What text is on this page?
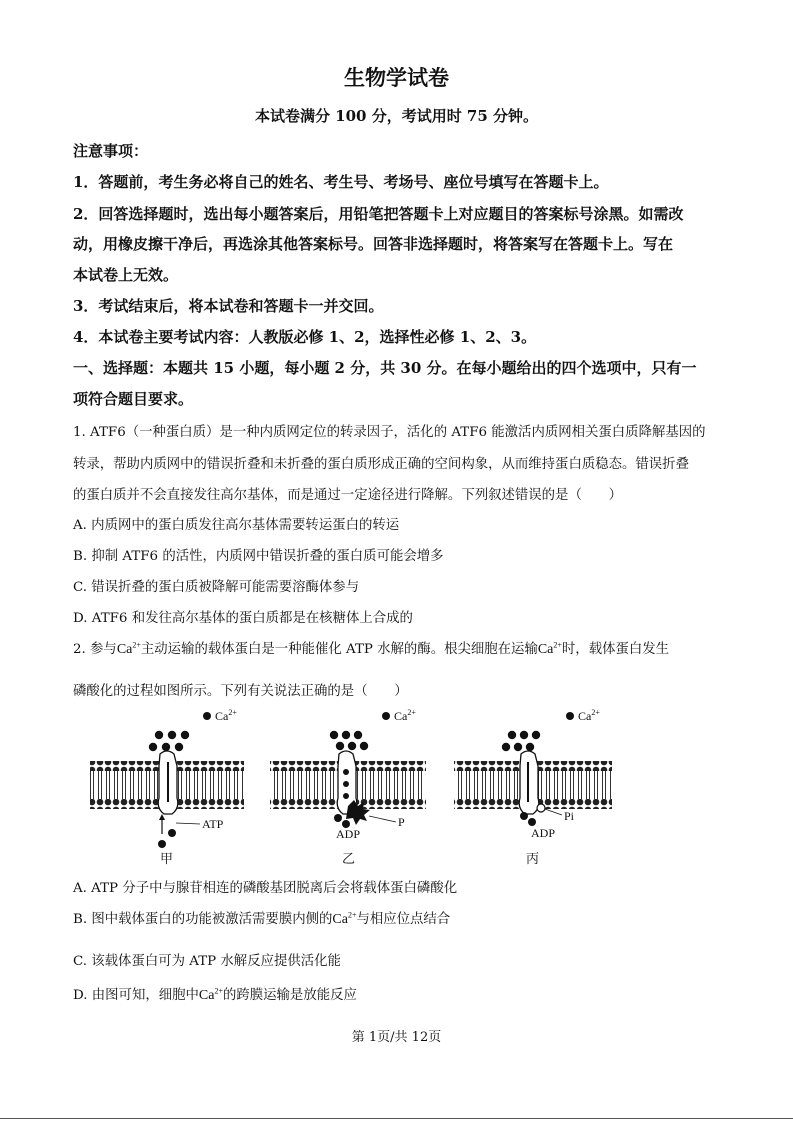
生物学试卷
本试卷满分 100 分，考试用时 75 分钟。
注意事项：
1．答题前，考生务必将自己的姓名、考生号、考场号、座位号填写在答题卡上。
2．回答选择题时，选出每小题答案后，用铅笔把答题卡上对应题目的答案标号涂黑。如需改
动，用橡皮擦干净后，再选涂其他答案标号。回答非选择题时，将答案写在答题卡上。写在
本试卷上无效。
3．考试结束后，将本试卷和答题卡一并交回。
4．本试卷主要考试内容：人教版必修 1、2，选择性必修 1、2、3。
一、选择题：本题共 15 小题，每小题 2 分，共 30 分。在每小题给出的四个选项中，只有一
项符合题目要求。
1. ATF6（一种蛋白质）是一种内质网定位的转录因子，活化的 ATF6 能激活内质网相关蛋白质降解基因的
转录，帮助内质网中的错误折叠和未折叠的蛋白质形成正确的空间构象，从而维持蛋白质稳态。错误折叠
的蛋白质并不会直接发往高尔基体，而是通过一定途径进行降解。下列叙述错误的是（　　）
A. 内质网中的蛋白质发往高尔基体需要转运蛋白的转运
B. 抑制 ATF6 的活性，内质网中错误折叠的蛋白质可能会增多
C. 错误折叠的蛋白质被降解可能需要溶酶体参与
D. ATF6 和发往高尔基体的蛋白质都是在核糖体上合成的
2. 参与$Ca^{2+}$主动运输的载体蛋白是一种能催化 ATP 水解的酶。根尖细胞在运输$Ca^{2+}$时，载体蛋白发生
磷酸化的过程如图所示。下列有关说法正确的是（　　）
$Ca^{2+}$
ATP
甲
$Ca^{2+}$
ADP
P
乙
$Ca^{2+}$
ADP
Pi
丙
A. ATP 分子中与腺苷相连的磷酸基团脱离后会将载体蛋白磷酸化
B. 图中载体蛋白的功能被激活需要膜内侧的$Ca^{2+}$与相应位点结合
C. 该载体蛋白可为 ATP 水解反应提供活化能
D. 由图可知，细胞中$Ca^{2+}$的跨膜运输是放能反应
第 1页/共 12页
